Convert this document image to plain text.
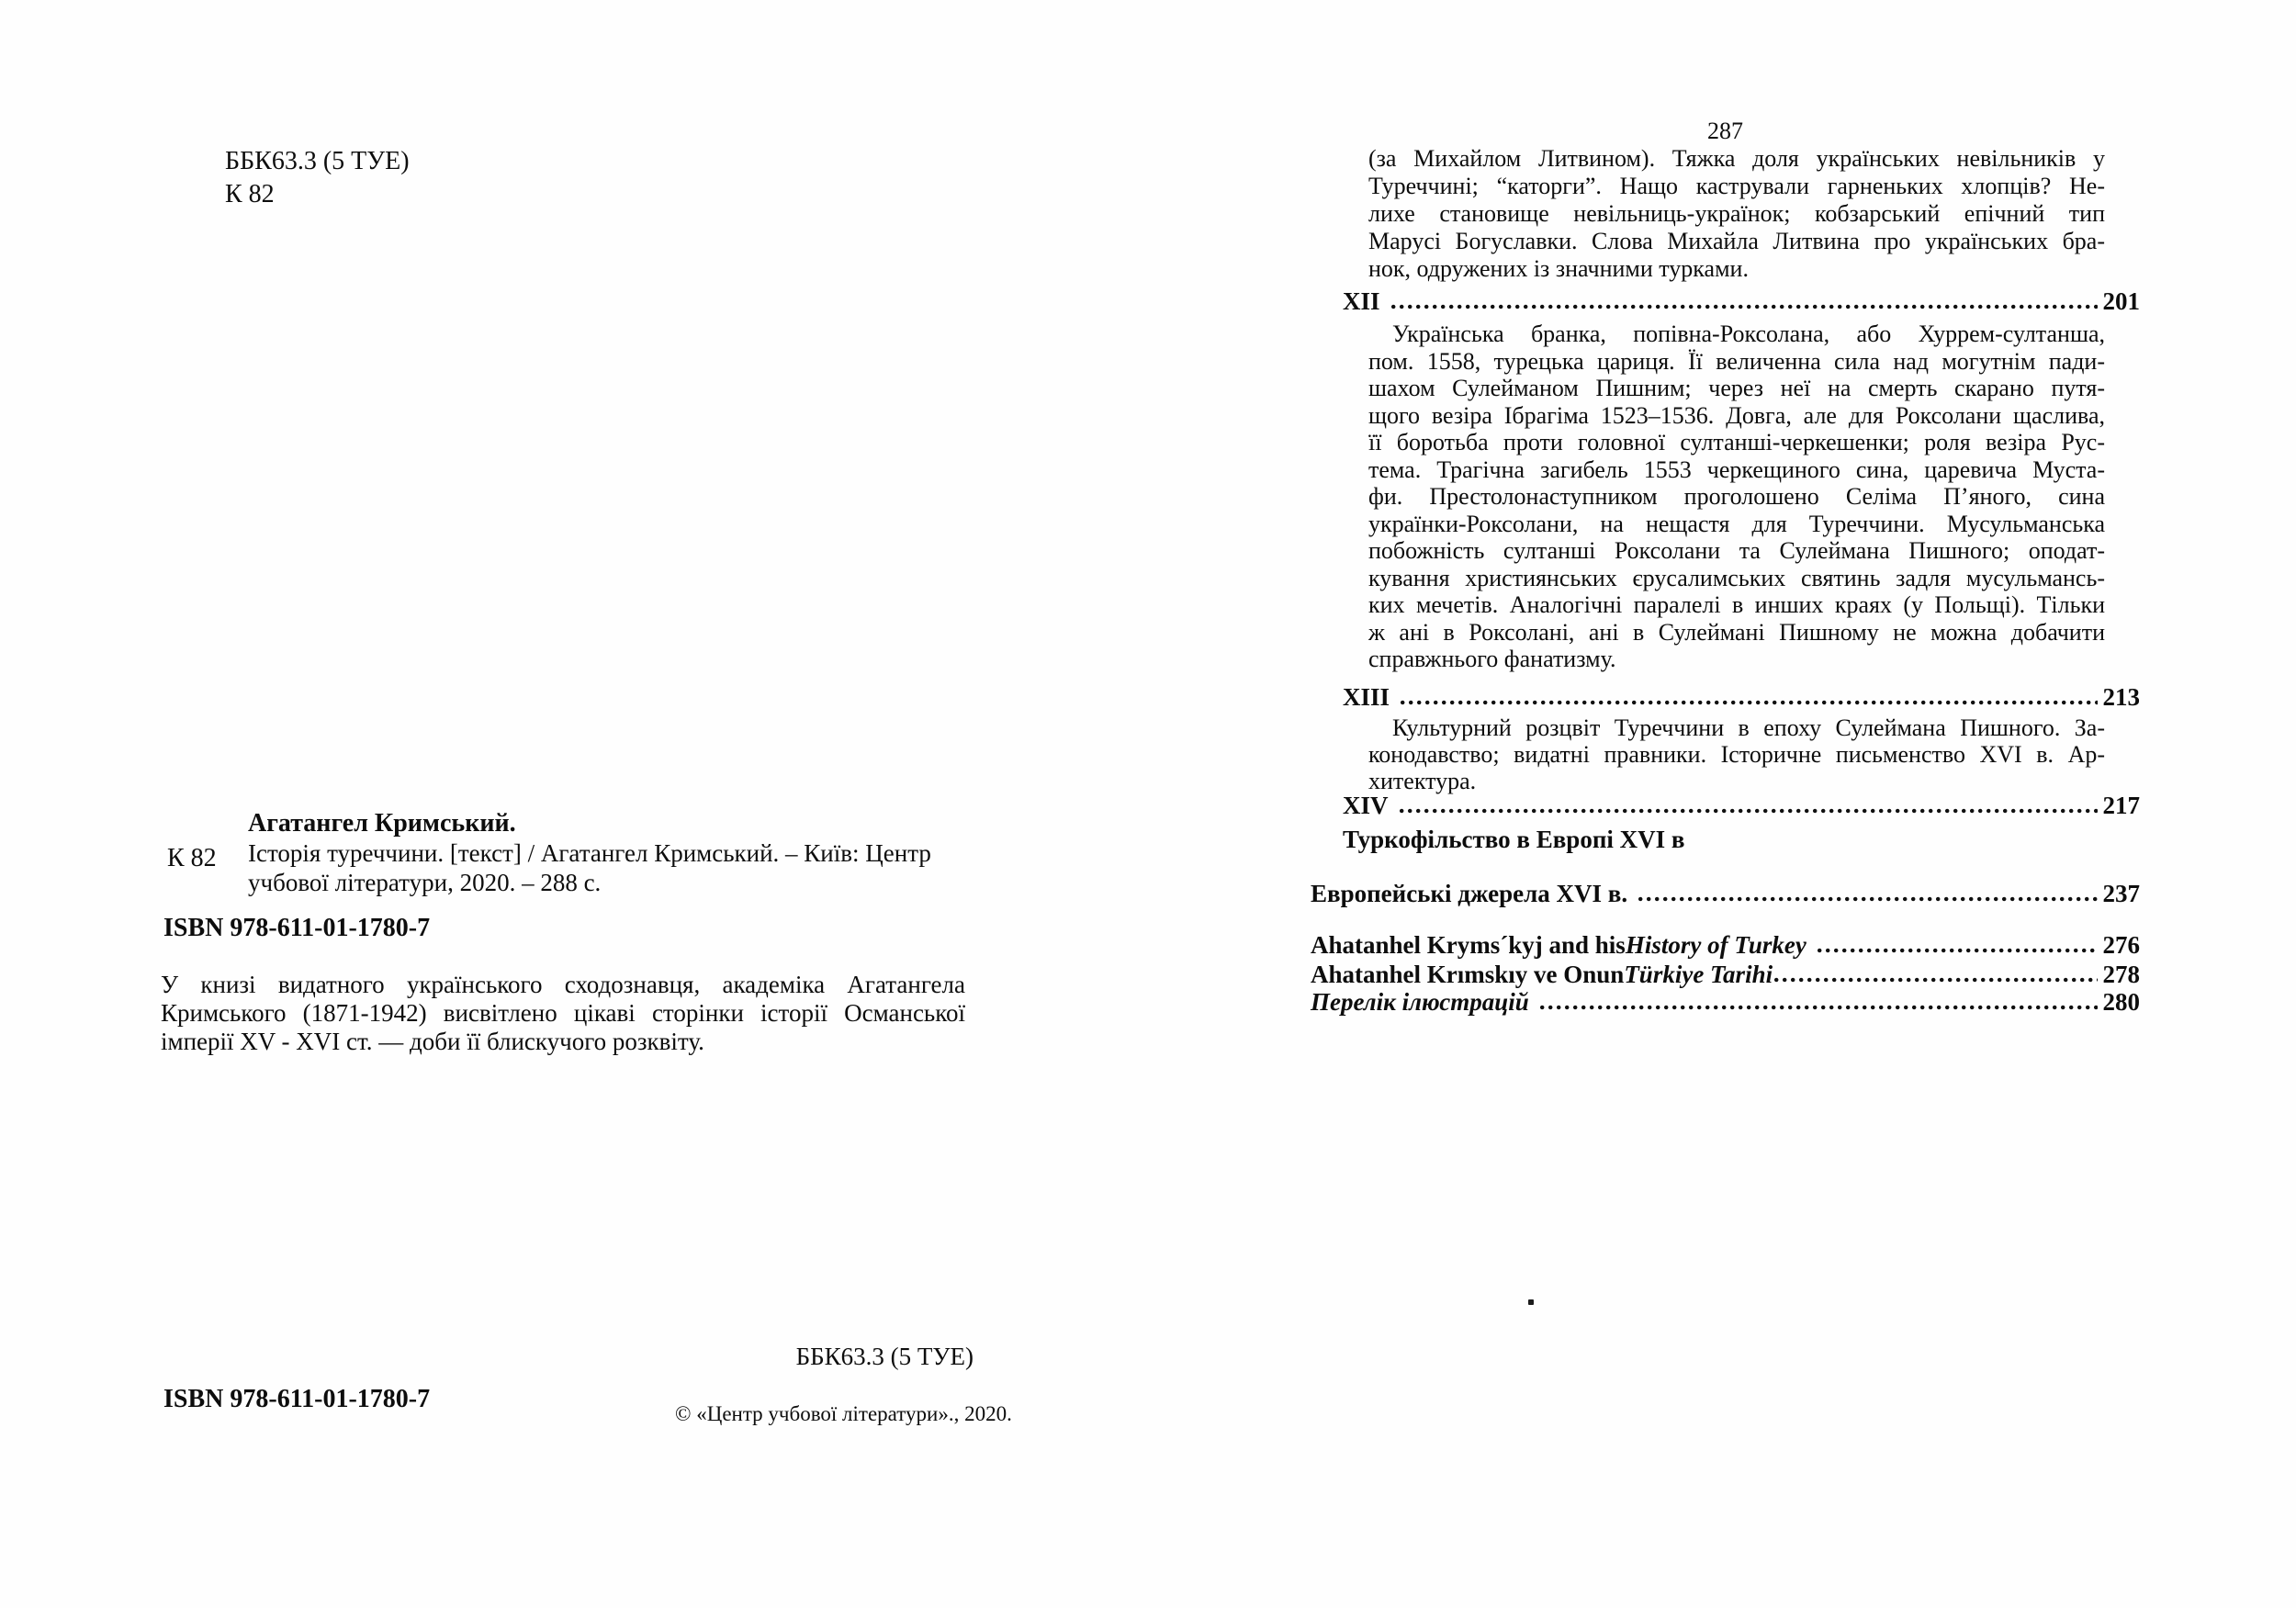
ББК63.3 (5 ТУЕ)
К 82
Агатангел Кримський.
К 82 Історія туреччини. [текст] / Агатангел Кримський. – Київ: Центр
учбової літератури, 2020. – 288 с.
ISBN 978-611-01-1780-7
У книзі видатного українського сходознавця, академіка Агатангела
Кримського (1871-1942) висвітлено цікаві сторінки історії Османської
імперії XV - XVI ст. — доби її блискучого розквіту.
ББК63.3 (5 ТУЕ)
ISBN 978-611-01-1780-7
© «Центр учбової літератури»., 2020.
287
(за Михайлом Литвином). Тяжка доля українських невільників у
Туреччині; “каторги”. Нащо кастрували гарненьких хлопців? Не-
лихе становище невільниць-українок; кобзарський епічний тип
Марусі Богуславки. Слова Михайла Литвина про українських бра-
нок, одружених із значними турками.
XII	201
Українська бранка, попівна-Роксолана, або Хуррем-султанша,
пом. 1558, турецька цариця. Її величенна сила над могутнім пади-
шахом Сулейманом Пишним; через неї на смерть скарано путя-
щого везіра Ібрагіма 1523–1536. Довга, але для Роксолани щаслива,
її боротьба проти головної султанші-черкешенки; роля везіра Рус-
тема. Трагічна загибель 1553 черкещиного сина, царевича Муста-
фи. Престолонаступником проголошено Селіма П’яного, сина
українки-Роксолани, на нещастя для Туреччини. Мусульманська
побожність султанші Роксолани та Сулеймана Пишного; оподат-
кування християнських єрусалимських святинь задля мусульмансь-
ких мечетів. Аналогічні паралелі в инших краях (у Польщі). Тільки
ж ані в Роксолані, ані в Сулеймані Пишному не можна добачити
справжнього фанатизму.
XIII	213
Культурний розцвіт Туреччини в епоху Сулеймана Пишного. За-
конодавство; видатні правники. Історичне письменство XVI в. Ар-
хитектура.
XIV	217
Туркофільство в Европі XVI в
Европейські джерела XVI в.	237
Ahatanhel Kryms´kyj and his History of Turkey	276
Ahatanhel Krımskıy ve Onun Türkiye Tarihi	278
Перелік ілюстрацій	280
